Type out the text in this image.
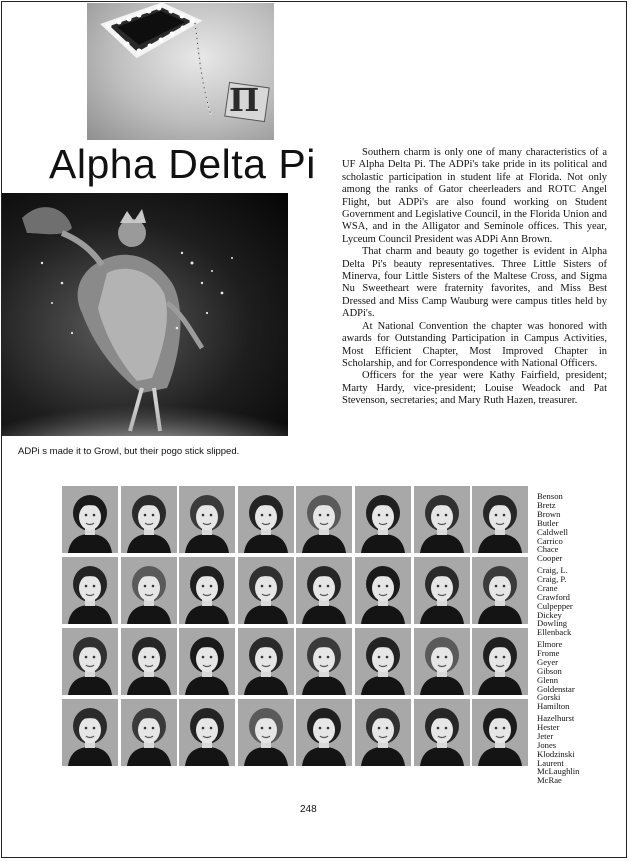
Π
Alpha Delta Pi
ADPi s made it to Growl, but their pogo stick slipped.

Southern charm is only one of many characteristics of a UF Alpha Delta Pi. The ADPi's take pride in its political and scholastic participation in student life at Florida. Not only among the ranks of Gator cheerleaders and ROTC Angel Flight, but ADPi's are also found working on Student Government and Legislative Council, in the Florida Union and WSA, and in the Alligator and Seminole offices. This year, Lyceum Council President was ADPi Ann Brown.

That charm and beauty go together is evident in Alpha Delta Pi's beauty representatives. Three Little Sisters of Minerva, four Little Sisters of the Maltese Cross, and Sigma Nu Sweetheart were fraternity favorites, and Miss Best Dressed and Miss Camp Wauburg were campus titles held by ADPi's.

At National Convention the chapter was honored with awards for Outstanding Participation in Campus Activities, Most Efficient Chapter, Most Improved Chapter in Scholarship, and for Correspondence with National Officers.

Officers for the year were Kathy Fairfield, president; Marty Hardy, vice-president; Louise Weadock and Pat Stevenson, secretaries; and Mary Ruth Hazen, treasurer.

Benson
Bretz
Brown
Butler
Caldwell
Carrico
Chace
Cooper
Craig, L.
Craig, P.
Crane
Crawford
Culpepper
Dickey
Dowling
Ellenback
Elmore
Frome
Geyer
Gibson
Glenn
Goldenstar
Gorski
Hamilton
Hazelhurst
Hester
Jeter
Jones
Klodzinski
Laurent
McLaughlin
McRae
248
